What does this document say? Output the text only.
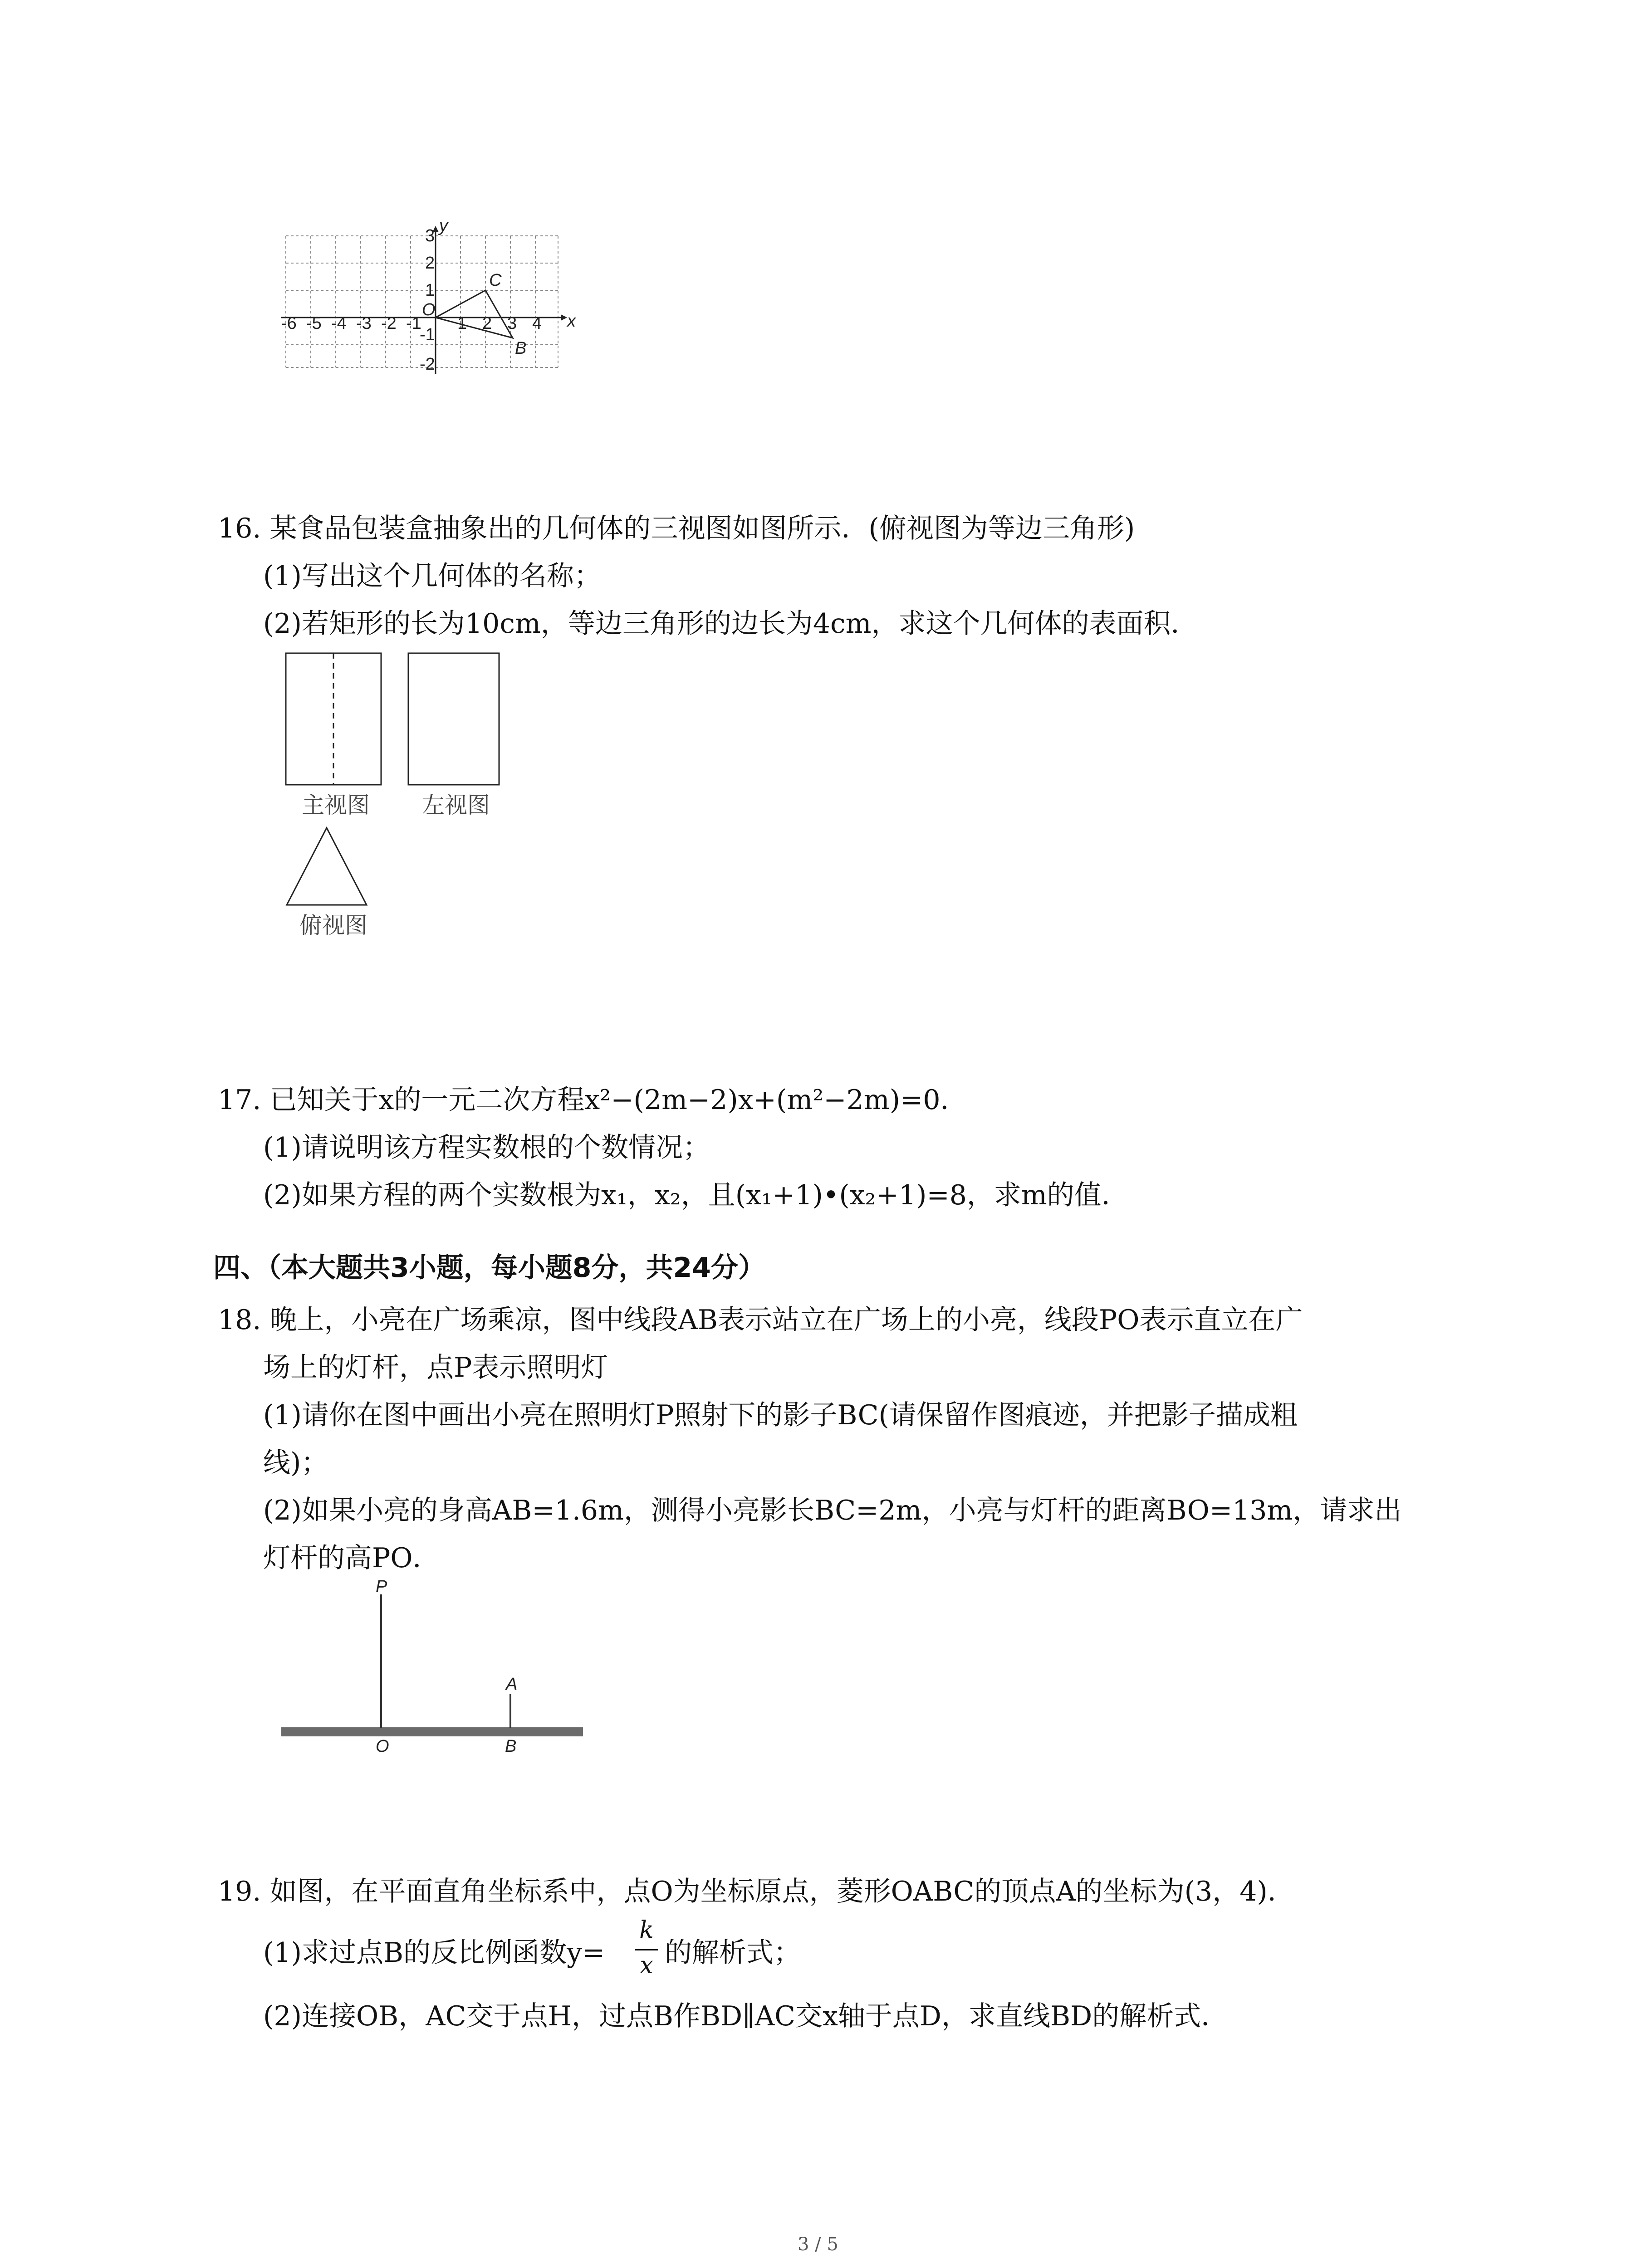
-6 -5 -4 -3 -2 -1
O
1 2 3 4 x
3
2
1
-1
-2
y
C
B
16. 某食品包装盒抽象出的几何体的三视图如图所示．(俯视图为等边三角形)
(1)写出这个几何体的名称；
(2)若矩形的长为10cm，等边三角形的边长为4cm，求这个几何体的表面积．
主视图 左视图
俯视图
17. 已知关于x的一元二次方程x²−(2m−2)x+(m²−2m)=0．
(1)请说明该方程实数根的个数情况；
(2)如果方程的两个实数根为x₁，x₂，且(x₁+1)•(x₂+1)=8，求m的值．
四、（本大题共3小题，每小题8分，共24分）
18. 晚上，小亮在广场乘凉，图中线段AB表示站立在广场上的小亮，线段PO表示直立在广
场上的灯杆，点P表示照明灯
(1)请你在图中画出小亮在照明灯P照射下的影子BC(请保留作图痕迹，并把影子描成粗
线)；
(2)如果小亮的身高AB=1.6m，测得小亮影长BC=2m，小亮与灯杆的距离BO=13m，请求出
灯杆的高PO．
P
A
O	B
19. 如图，在平面直角坐标系中，点O为坐标原点，菱形OABC的顶点A的坐标为(3，4)．
(1)求过点B的反比例函数y=
k
x 的解析式；
(2)连接OB，AC交于点H，过点B作BD∥AC交x轴于点D，求直线BD的解析式．
3 / 5
